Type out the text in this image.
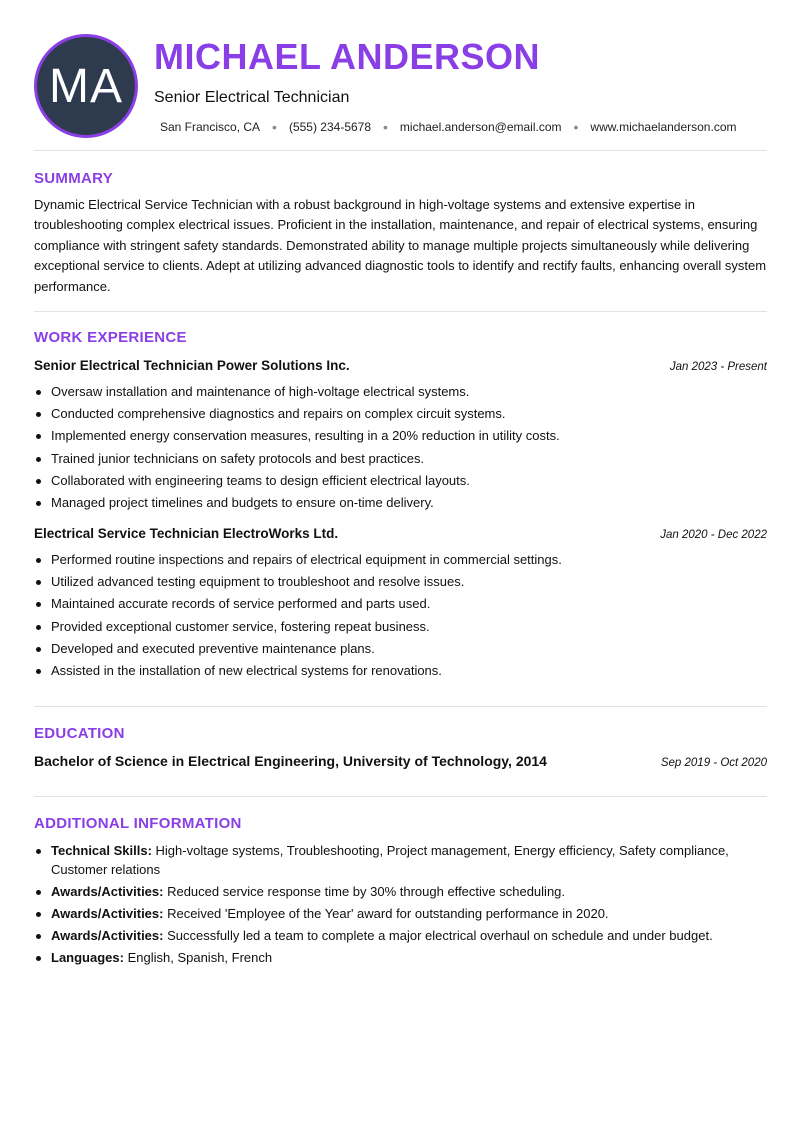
MA
MICHAEL ANDERSON
Senior Electrical Technician
San Francisco, CA • (555) 234-5678 • michael.anderson@email.com • www.michaelanderson.com
SUMMARY
Dynamic Electrical Service Technician with a robust background in high-voltage systems and extensive expertise in troubleshooting complex electrical issues. Proficient in the installation, maintenance, and repair of electrical systems, ensuring compliance with stringent safety standards. Demonstrated ability to manage multiple projects simultaneously while delivering exceptional service to clients. Adept at utilizing advanced diagnostic tools to identify and rectify faults, enhancing overall system performance.
WORK EXPERIENCE
Senior Electrical Technician Power Solutions Inc.	Jan 2023 - Present
Oversaw installation and maintenance of high-voltage electrical systems.
Conducted comprehensive diagnostics and repairs on complex circuit systems.
Implemented energy conservation measures, resulting in a 20% reduction in utility costs.
Trained junior technicians on safety protocols and best practices.
Collaborated with engineering teams to design efficient electrical layouts.
Managed project timelines and budgets to ensure on-time delivery.
Electrical Service Technician ElectroWorks Ltd.	Jan 2020 - Dec 2022
Performed routine inspections and repairs of electrical equipment in commercial settings.
Utilized advanced testing equipment to troubleshoot and resolve issues.
Maintained accurate records of service performed and parts used.
Provided exceptional customer service, fostering repeat business.
Developed and executed preventive maintenance plans.
Assisted in the installation of new electrical systems for renovations.
EDUCATION
Bachelor of Science in Electrical Engineering, University of Technology, 2014	Sep 2019 - Oct 2020
ADDITIONAL INFORMATION
Technical Skills: High-voltage systems, Troubleshooting, Project management, Energy efficiency, Safety compliance, Customer relations
Awards/Activities: Reduced service response time by 30% through effective scheduling.
Awards/Activities: Received 'Employee of the Year' award for outstanding performance in 2020.
Awards/Activities: Successfully led a team to complete a major electrical overhaul on schedule and under budget.
Languages: English, Spanish, French
